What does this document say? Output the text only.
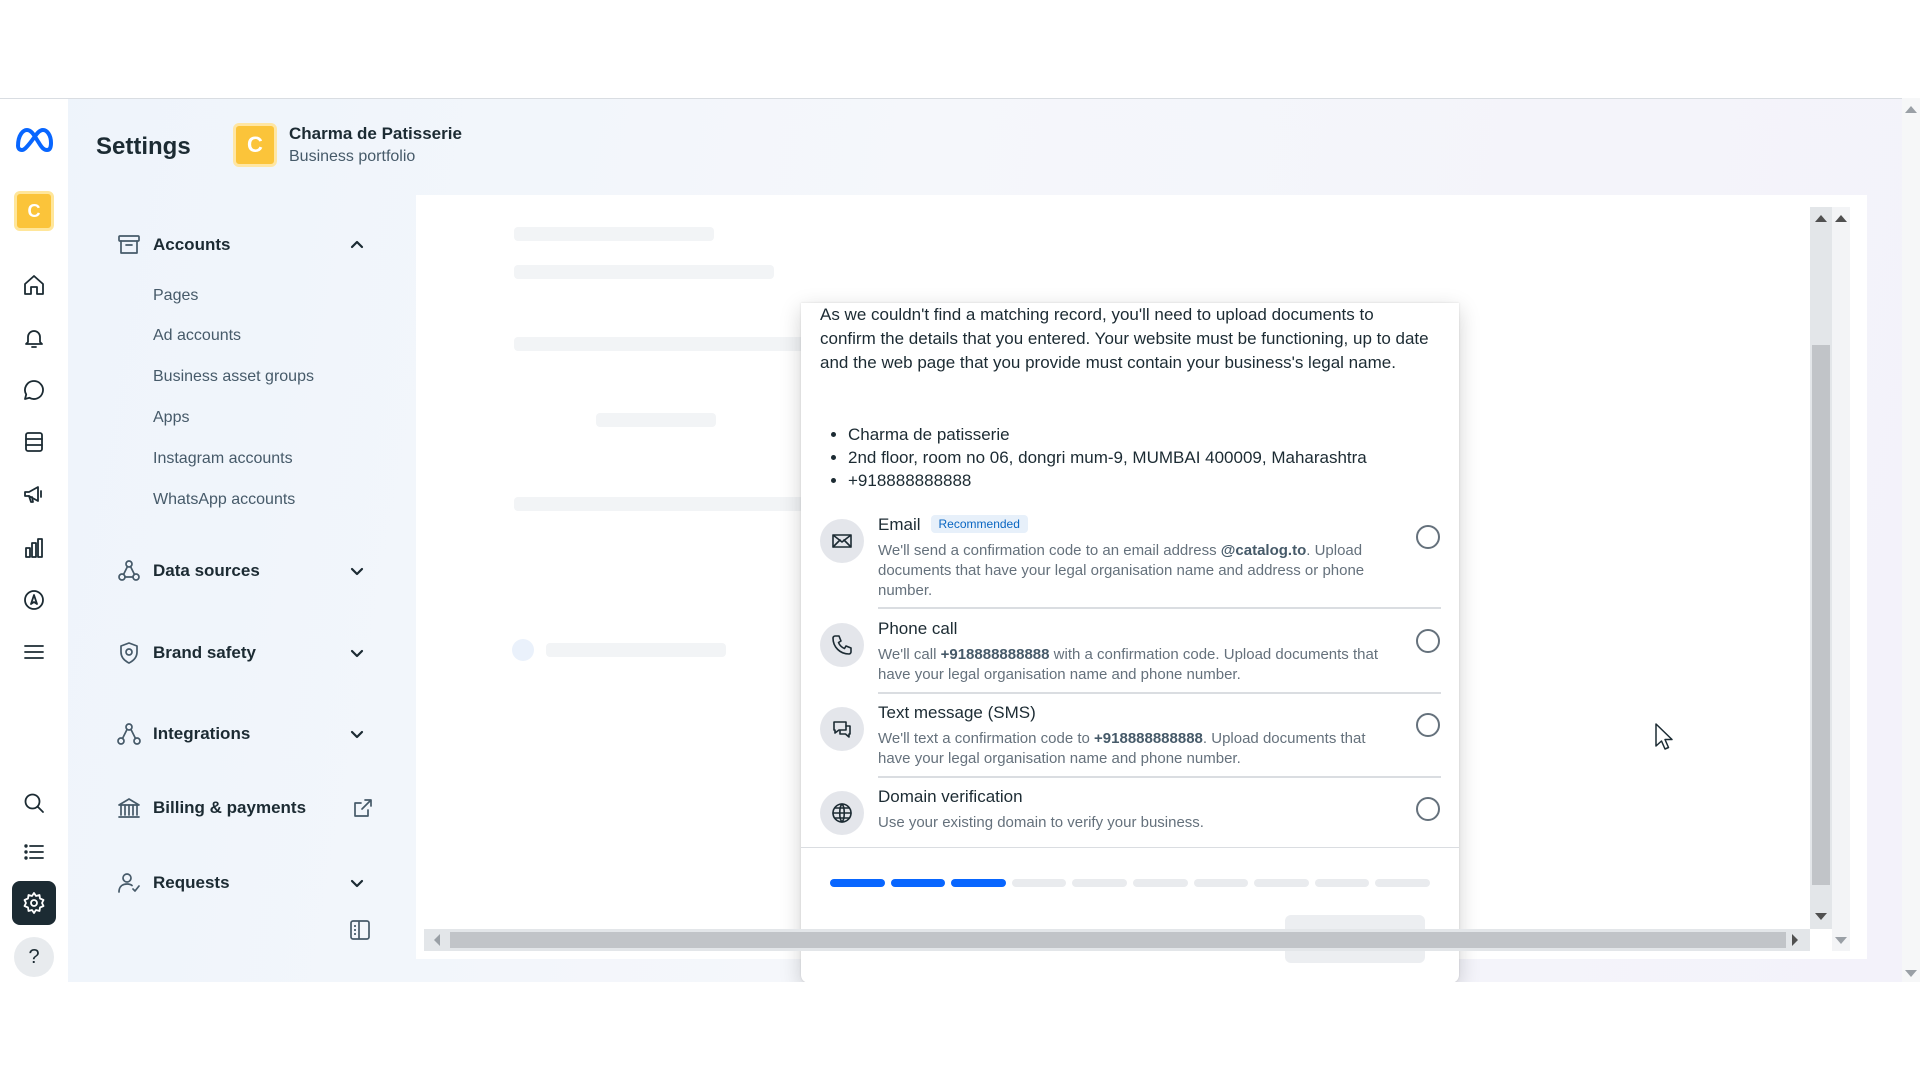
C
?
Settings	C	Charma de Patisserie
Business portfolio
Accounts
Pages
Ad accounts
Business asset groups
Apps
Instagram accounts
WhatsApp accounts
Data sources
Brand safety
Integrations
Billing & payments
Requests

As we couldn't find a matching record, you'll need to upload documents to confirm the details that you entered. Your website must be functioning, up to date and the web page that you provide must contain your business's legal name.

• Charma de patisserie
• 2nd floor, room no 06, dongri mum-9, MUMBAI 400009, Maharashtra
• +918888888888
Email Recommended
We'll send a confirmation code to an email address @catalog.to. Upload documents that have your legal organisation name and address or phone number.
Phone call
We'll call +918888888888 with a confirmation code. Upload documents that have your legal organisation name and phone number.
Text message (SMS)
We'll text a confirmation code to +918888888888. Upload documents that have your legal organisation name and phone number.
Domain verification
Use your existing domain to verify your business.
